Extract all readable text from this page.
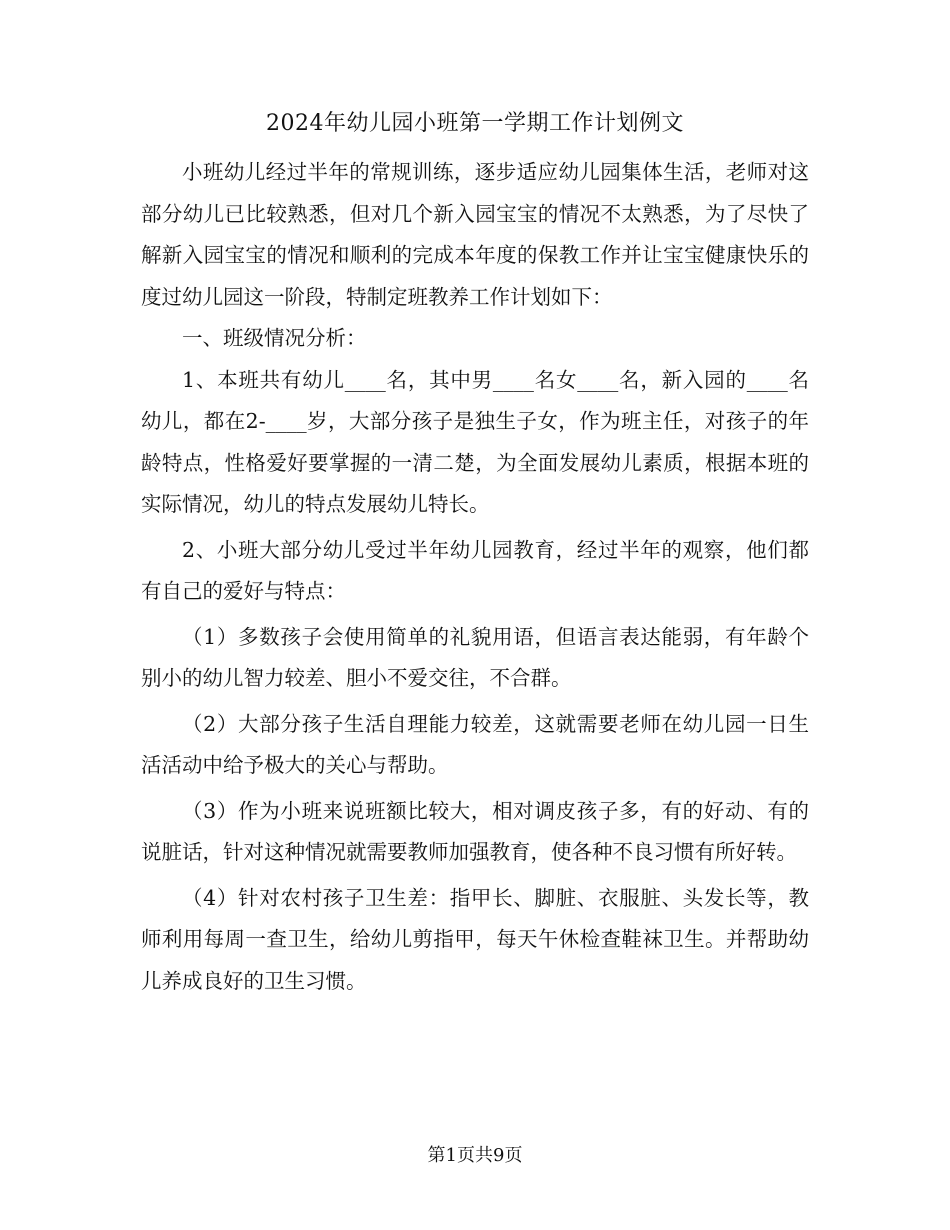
2024年幼儿园小班第一学期工作计划例文

小班幼儿经过半年的常规训练，逐步适应幼儿园集体生活，老师对这部分幼儿已比较熟悉，但对几个新入园宝宝的情况不太熟悉，为了尽快了解新入园宝宝的情况和顺利的完成本年度的保教工作并让宝宝健康快乐的度过幼儿园这一阶段，特制定班教养工作计划如下：

一、班级情况分析：

1、本班共有幼儿____名，其中男____名女____名，新入园的____名幼儿，都在2-____岁，大部分孩子是独生子女，作为班主任，对孩子的年龄特点，性格爱好要掌握的一清二楚，为全面发展幼儿素质，根据本班的实际情况，幼儿的特点发展幼儿特长。

2、小班大部分幼儿受过半年幼儿园教育，经过半年的观察，他们都有自己的爱好与特点：

（1）多数孩子会使用简单的礼貌用语，但语言表达能弱，有年龄个别小的幼儿智力较差、胆小不爱交往，不合群。

（2）大部分孩子生活自理能力较差，这就需要老师在幼儿园一日生活活动中给予极大的关心与帮助。

（3）作为小班来说班额比较大，相对调皮孩子多，有的好动、有的说脏话，针对这种情况就需要教师加强教育，使各种不良习惯有所好转。

（4）针对农村孩子卫生差：指甲长、脚脏、衣服脏、头发长等，教师利用每周一查卫生，给幼儿剪指甲，每天午休检查鞋袜卫生。并帮助幼儿养成良好的卫生习惯。

第1页共9页
